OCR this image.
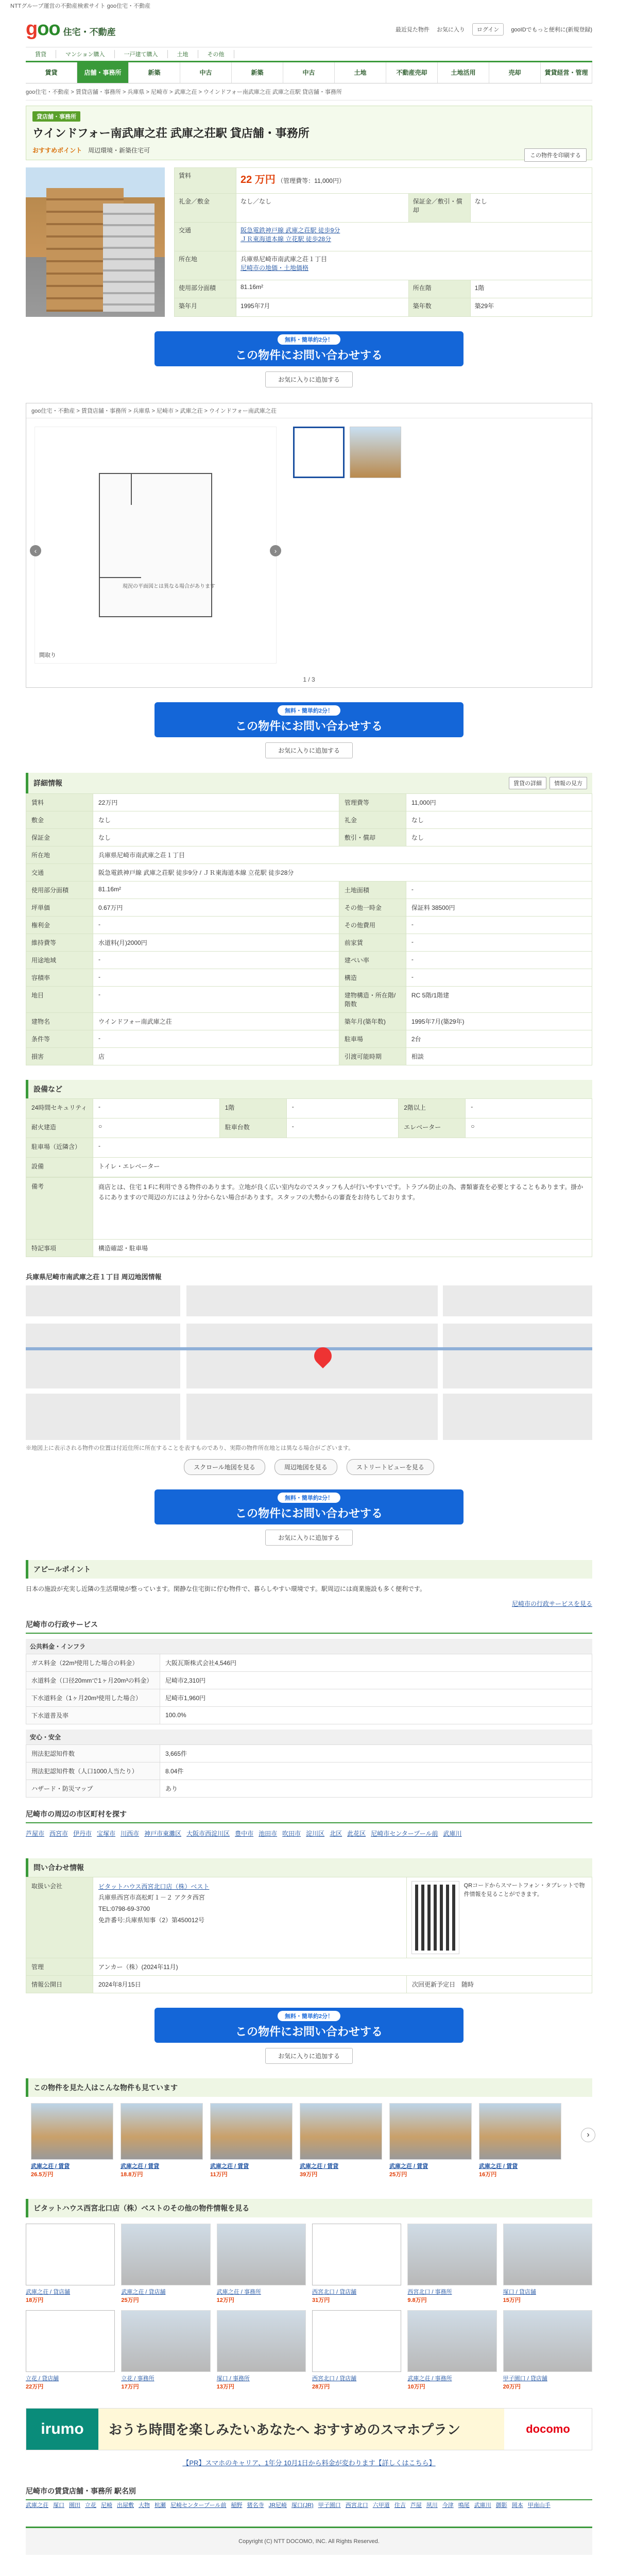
NTTグループ運営の不動産検索サイト goo住宅・不動産
goo 住宅・不動産	最近見た物件 お気に入り	ログイン	gooIDでもっと便利に(新規登録)
賃貸	マンション購入	一戸建て購入	土地	その他
賃貸	店舗・事務所	新築	中古	新築	中古	土地	不動産売却	土地活用	売却	賃貸経営・管理
goo住宅・不動産 > 賃貸店舗・事務所 > 兵庫県 > 尼崎市 > 武庫之荘 > ウインドフォー南武庫之荘 武庫之荘駅 貸店舗・事務所
貸店舗・事務所
ウインドフォー南武庫之荘 武庫之荘駅 貸店舗・事務所
おすすめポイント　 周辺環境・新築住宅可
この物件を印刷する
賃料	22 万円 （管理費等：11,000円）		
礼金／敷金	なし／なし	保証金／敷引・償却	なし
交通	阪急電鉄神戸線 武庫之荘駅 徒歩9分
ＪＲ東海道本線 立花駅 徒歩28分		

所在地	兵庫県尼崎市南武庫之荘１丁目
尼崎市の地価・土地価格		

使用部分面積	81.16m²	所在階	1階
築年月	1995年7月	築年数	築29年
無料・簡単約2分！
この物件にお問い合わせする
お気に入りに追加する
goo住宅・不動産 > 賃貸店舗・事務所 > 兵庫県 > 尼崎市 > 武庫之荘 > ウインドフォー南武庫之荘
‹	›
間取り
現況の平面図とは異なる場合があります
1 / 3
無料・簡単約2分！
この物件にお問い合わせする
お気に入りに追加する
詳細情報	賃貸の詳細	情報の見方
賃料	22万円	管理費等	11,000円
敷金	なし	礼金	なし
保証金	なし	敷引・償却	なし
所在地	兵庫県尼崎市南武庫之荘１丁目		
交通	阪急電鉄神戸線 武庫之荘駅 徒歩9分 / ＪＲ東海道本線 立花駅 徒歩28分		
使用部分面積	81.16m²	土地面積	-
坪単価	0.67万円	その他一時金	保証料 38500円
権利金	-	その他費用	-
維持費等	水道料(月)2000円	前家賃	-
用途地域	-	建ぺい率	-
容積率	-	構造	-
地目	-	建物構造・所在階/階数	RC 5階/1階建
建物名	ウインドフォー南武庫之荘	築年月(築年数)	1995年7月(築29年)
条件等	-	駐車場	2台
損害	店	引渡可能時期	相談
設備など
24時間セキュリティ	-	1階	-	2階以上	-
耐火建造	○	駐車台数	-	エレベーター	○
駐車場（近隣含）	-				
設備	トイレ・エレベーター				
備考	商店とは、住宅 1 Fに利用できる物件のあります。立地が良く広い室内なのでスタッフも人が行いやすいです。トラブル防止の為、書類審査を必要とすることもあります。掛かるにありますので周辺の方にはより分からない場合があります。スタッフの大勢からの審査をお待ちしております。
特記事項	構造確認・駐車場
兵庫県尼崎市南武庫之荘１丁目 周辺地図情報
※地図上に表示される物件の位置は付近住所に所在することを表すものであり、実際の物件所在地とは異なる場合がございます。
スクロール地図を見る	周辺地図を見る	ストリートビューを見る
無料・簡単約2分！
この物件にお問い合わせする
お気に入りに追加する
アピールポイント
日本の施設が充実し近隣の生活環境が整っています。閑静な住宅街に佇む物件で、暮らしやすい環境です。駅周辺には商業施設も多く便利です。
尼崎市の行政サービスを見る
尼崎市の行政サービス
公共料金・インフラ
ガス料金（22m³使用した場合の料金）	大阪瓦斯株式会社4,546円
水道料金（口径20mmで1ヶ月20m³の料金）	尼崎市2,310円
下水道料金（1ヶ月20m³使用した場合）	尼崎市1,960円
下水道普及率	100.0%
安心・安全
刑法犯認知件数	3,665件
刑法犯認知件数（人口1000人当たり）	8.04件
ハザード・防災マップ	あり
尼崎市の周辺の市区町村を探す
芦屋市 西宮市 伊丹市 宝塚市 川西市 神戸市東灘区 大阪市西淀川区 豊中市 池田市 吹田市 淀川区 北区 此花区 尼崎市センタープール前 武庫川
問い合わせ情報
取扱い会社	ビタットハウス西宮北口店（株）ベスト
兵庫県西宮市高松町１－２ アクタ西宮
TEL:0798-69-3700
免許番号:兵庫県知事（2）第450012号	QRコードからスマートフォン・タブレットで物件情報を見ることができます。

管理	アンカー（株）(2024年11月)	
情報公開日	2024年8月15日	次回更新予定日　 随時
無料・簡単約2分！
この物件にお問い合わせする
お気に入りに追加する
この物件を見た人はこんな物件も見ています
武庫之荘 / 賃貸
26.5万円
武庫之荘 / 賃貸
18.8万円
武庫之荘 / 賃貸
11万円
武庫之荘 / 賃貸
39万円
武庫之荘 / 賃貸
25万円
武庫之荘 / 賃貸
16万円
›
ビタットハウス西宮北口店（株）ベストのその他の物件情報を見る
武庫之荘 / 貸店舗
18万円
武庫之荘 / 貸店舗
25万円
武庫之荘 / 事務所
12万円
西宮北口 / 貸店舗
31万円
西宮北口 / 事務所
9.8万円
塚口 / 貸店舗
15万円
立花 / 貸店舗
22万円
立花 / 事務所
17万円
塚口 / 事務所
13万円
西宮北口 / 貸店舗
28万円
武庫之荘 / 事務所
10万円
甲子園口 / 貸店舗
20万円
irumo	おうち時間を楽しみたいあなたへ おすすめのスマホプラン	docomo
【PR】スマホのキャリア、1年分 10月1日から料金が変わります【詳しくはこちら】
尼崎市の賃貸店舗・事務所 駅名別
武庫之荘 塚口 園田 立花 尼崎 出屋敷 大物 杭瀬 尼崎センタープール前 稲野 猪名寺 JR尼崎 塚口(JR) 甲子園口 西宮北口 六甲道 住吉 芦屋 夙川 今津 鳴尾 武庫川 御影 岡本 甲南山手
Copyright (C) NTT DOCOMO, INC. All Rights Reserved.
